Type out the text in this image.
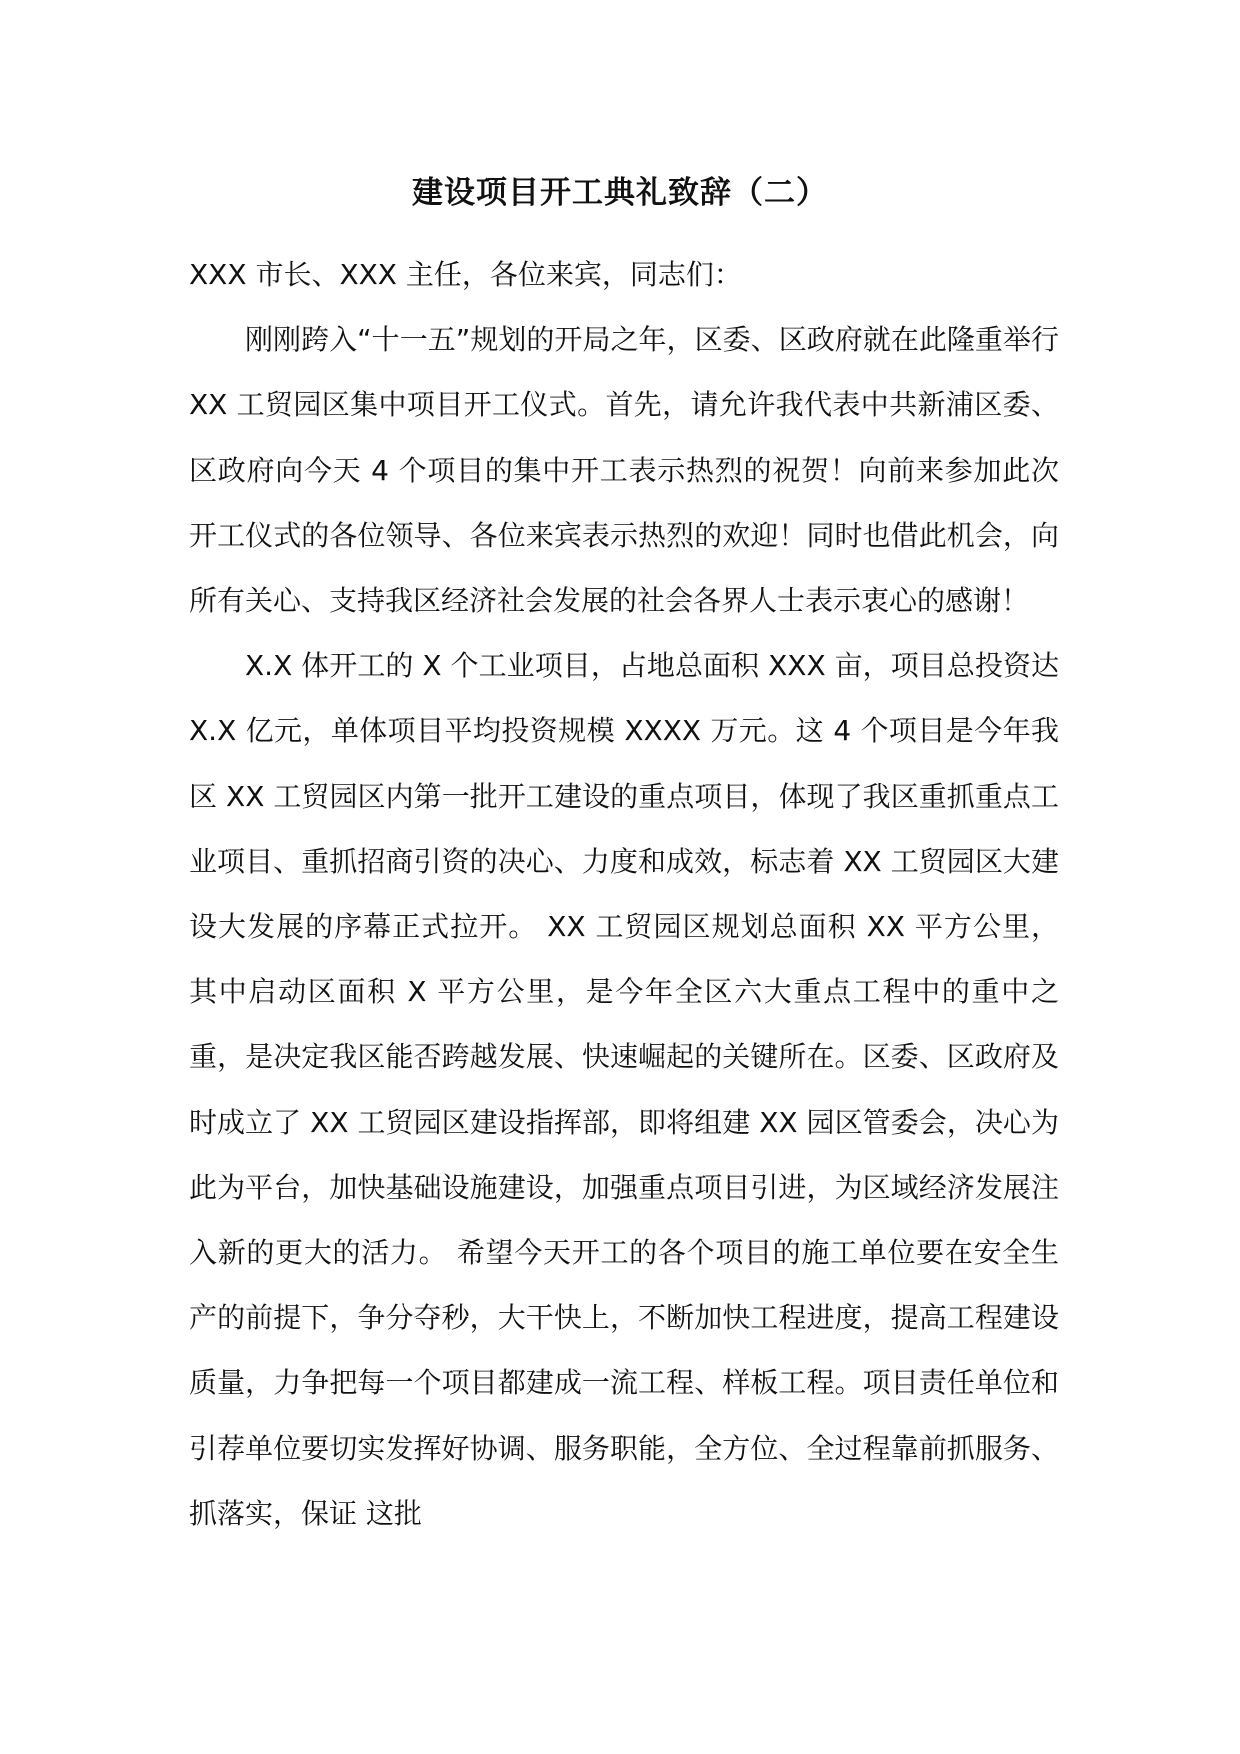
建设项目开工典礼致辞（二）

XXX 市长、XXX 主任，各位来宾，同志们：

刚刚跨入“十一五”规划的开局之年，区委、区政府就在此隆重举行 XX 工贸园区集中项目开工仪式。首先，请允许我代表中共新浦区委、区政府向今天 4 个项目的集中开工表示热烈的祝贺！向前来参加此次开工仪式的各位领导、各位来宾表示热烈的欢迎！同时也借此机会，向所有关心、支持我区经济社会发展的社会各界人士表示衷心的感谢！

X.X 体开工的 X 个工业项目，占地总面积 XXX 亩，项目总投资达 X.X 亿元，单体项目平均投资规模 XXXX 万元。这 4 个项目是今年我区 XX 工贸园区内第一批开工建设的重点项目，体现了我区重抓重点工业项目、重抓招商引资的决心、力度和成效，标志着 XX 工贸园区大建设大发展的序幕正式拉开。 XX 工贸园区规划总面积 XX 平方公里， 其中启动区面积 X 平方公里，是今年全区六大重点工程中的重中之重，是决定我区能否跨越发展、快速崛起的关键所在。区委、区政府及时成立了 XX 工贸园区建设指挥部，即将组建 XX 园区管委会，决心为此为平台，加快基础设施建设，加强重点项目引进，为区域经济发展注入新的更大的活力。 希望今天开工的各个项目的施工单位要在安全生产的前提下，争分夺秒，大干快上，不断加快工程进度，提高工程建设质量，力争把每一个项目都建成一流工程、样板工程。项目责任单位和引荐单位要切实发挥好协调、服务职能，全方位、全过程靠前抓服务、抓落实，保证 这批
